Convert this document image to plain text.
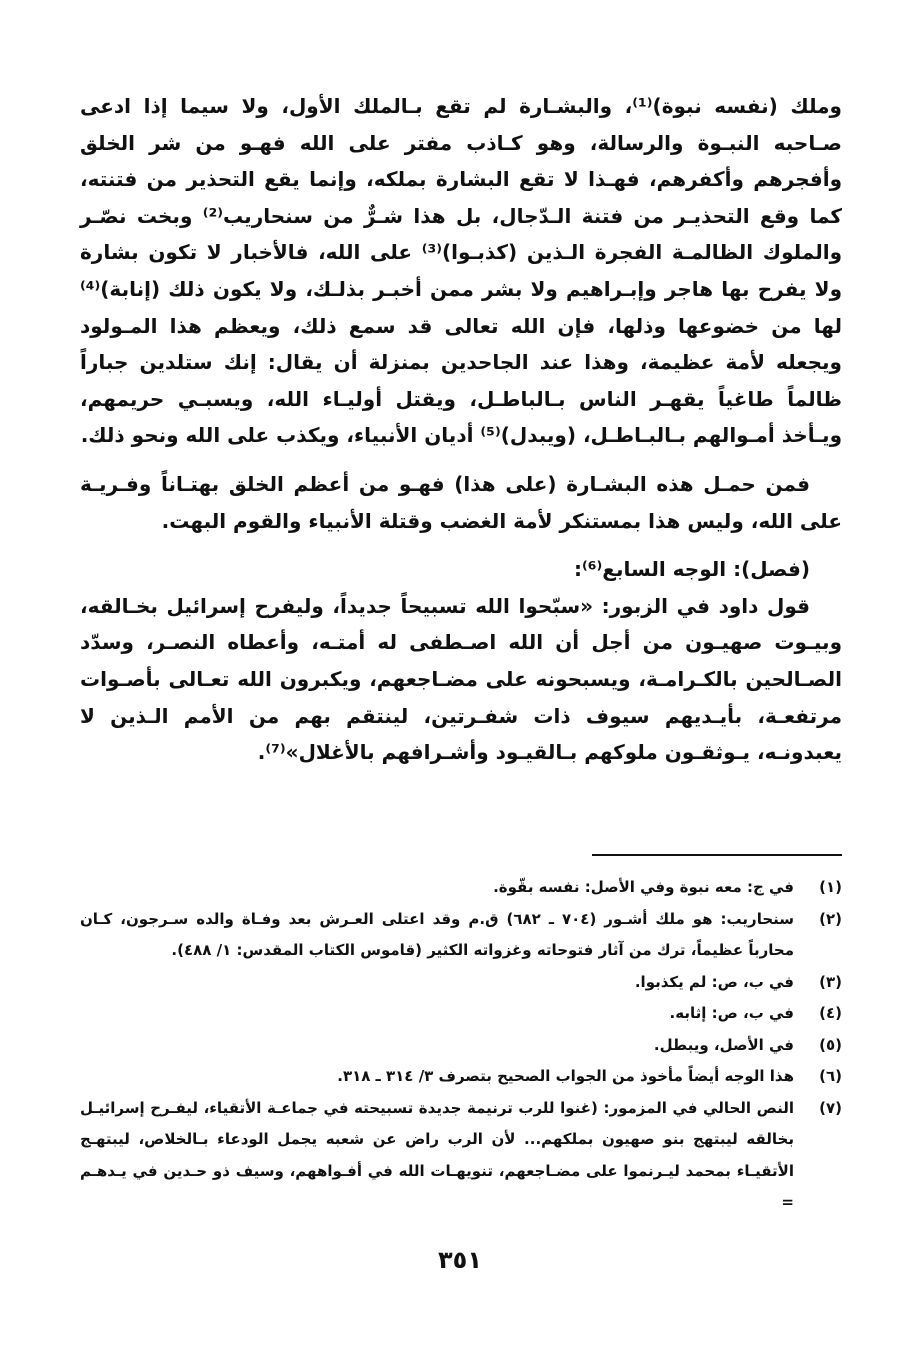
وملك (نفسه نبوة)⁽¹⁾، والبشـارة لم تقع بـالملك الأول، ولا سيما إذا ادعى صـاحبه النبـوة والرسالة، وهو كـاذب مفتر على الله فهـو من شر الخلق وأفجرهم وأكفرهم، فهـذا لا تقع البشارة بملكه، وإنما يقع التحذير من فتنته، كما وقع التحذيـر من فتنة الـدّجال، بل هذا شـرٌّ من سنحاريب⁽²⁾ وبخت نصّـر والملوك الظالمـة الفجرة الـذين (كذبـوا)⁽³⁾ على الله، فالأخبار لا تكون بشارة ولا يفرح بها هاجر وإبـراهيم ولا بشر ممن أخبـر بذلـك، ولا يكون ذلك (إنابة)⁽⁴⁾ لها من خضوعها وذلها، فإن الله تعالى قد سمع ذلك، ويعظم هذا المـولود ويجعله لأمة عظيمة، وهذا عند الجاحدين بمنزلة أن يقال: إنك ستلدين جباراً ظالماً طاغياً يقهـر الناس بـالباطـل، ويقتل أوليـاء الله، ويسبـي حريمهم، ويـأخذ أمـوالهم بـالبـاطـل، (ويبدل)⁽⁵⁾ أديان الأنبياء، ويكذب على الله ونحو ذلك.

فمن حمـل هذه البشـارة (على هذا) فهـو من أعظم الخلق بهتـاناً وفـريـة على الله، وليس هذا بمستنكر لأمة الغضب وقتلة الأنبياء والقوم البهت.

(فصل): الوجه السابع⁽⁶⁾:

قول داود في الزبور: «سبّحوا الله تسبيحاً جديداً، وليفرح إسرائيل بخـالقه، وبيـوت صهيـون من أجل أن الله اصـطفى له أمتـه، وأعطاه النصـر، وسدّد الصـالحين بالكـرامـة، ويسبحونه على مضـاجعهم، ويكبرون الله تعـالى بأصـوات مرتفعـة، بأيـديهم سيوف ذات شفـرتين، لينتقم بهم من الأمم الـذين لا يعبدونـه، يـوثقـون ملوكهم بـالقيـود وأشـرافهم بالأغلال»⁽⁷⁾.

(١)
في ج: معه نبوة وفي الأصل: نفسه بقّوة.
(٢)
سنحاريب: هو ملك أشـور (٧٠٤ ـ ٦٨٢) ق.م وقد اعتلى العـرش بعد وفـاة والده سـرجون، كـان محارباً عظيماً، ترك من آثار فتوحاته وغزواته الكثير (قاموس الكتاب المقدس: ١/ ٤٨٨).
(٣)
في ب، ص: لم يكذبوا.
(٤)
في ب، ص: إثابه.
(٥)
في الأصل، ويبطل.
(٦)
هذا الوجه أيضاً مأخوذ من الجواب الصحيح بتصرف ٣/ ٣١٤ ـ ٣١٨.
(٧)
النص الحالي في المزمور: (غنوا للرب ترنيمة جديدة تسبيحته في جماعـة الأتقياء، ليفـرح إسرائيـل بخالقه ليبتهج بنو صهيون بملكهم... لأن الرب راض عن شعبه يجمل الودعاء بـالخلاص، ليبتهـج الأتقيـاء بمحمد ليـرنموا على مضـاجعهم، تنويهـات الله في أفـواههم، وسيف ذو حـدين في يـدهـم =
٣٥١
